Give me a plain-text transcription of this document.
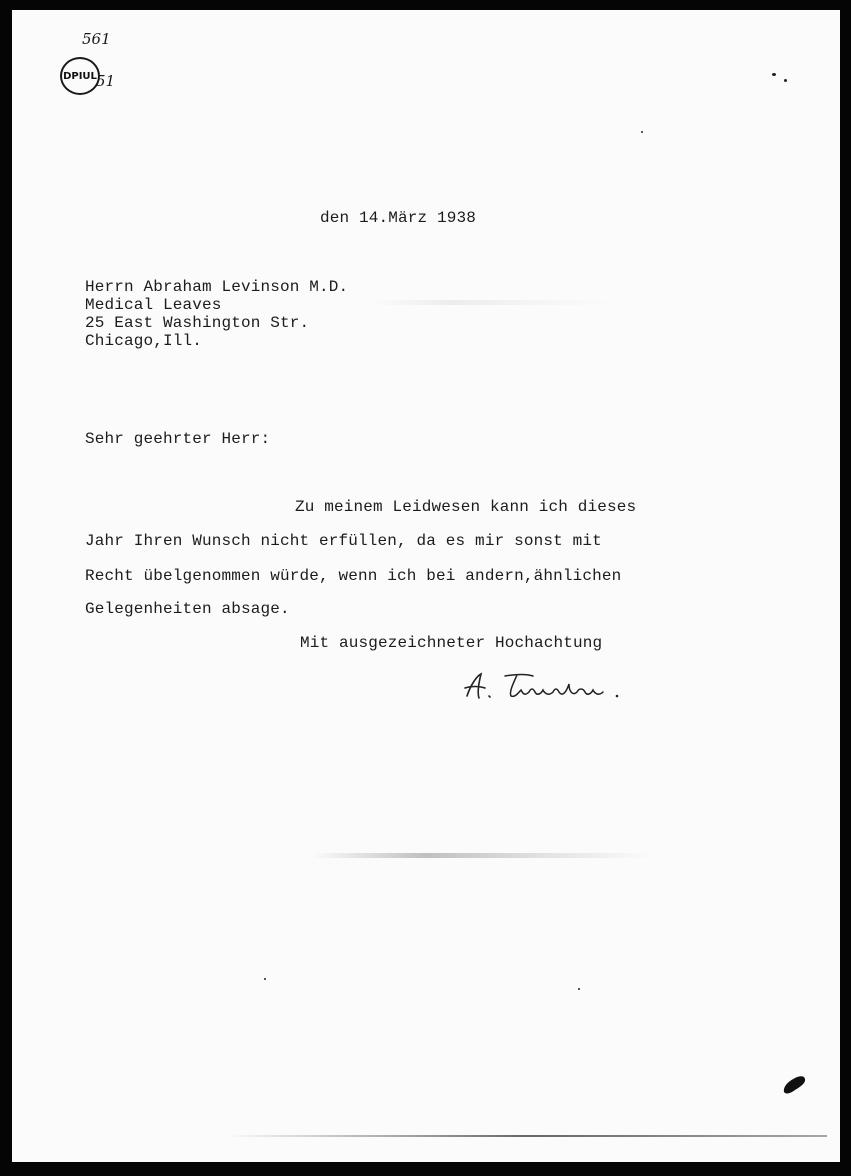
561
DPIUL 51

den 14.März 1938

Herrn Abraham Levinson M.D.

Medical Leaves

25 East Washington Str.

Chicago,Ill.

Sehr geehrter Herr:

Zu meinem Leidwesen kann ich dieses

Jahr Ihren Wunsch nicht erfüllen, da es mir sonst mit

Recht übelgenommen würde, wenn ich bei andern,ähnlichen

Gelegenheiten absage.

Mit ausgezeichneter Hochachtung
